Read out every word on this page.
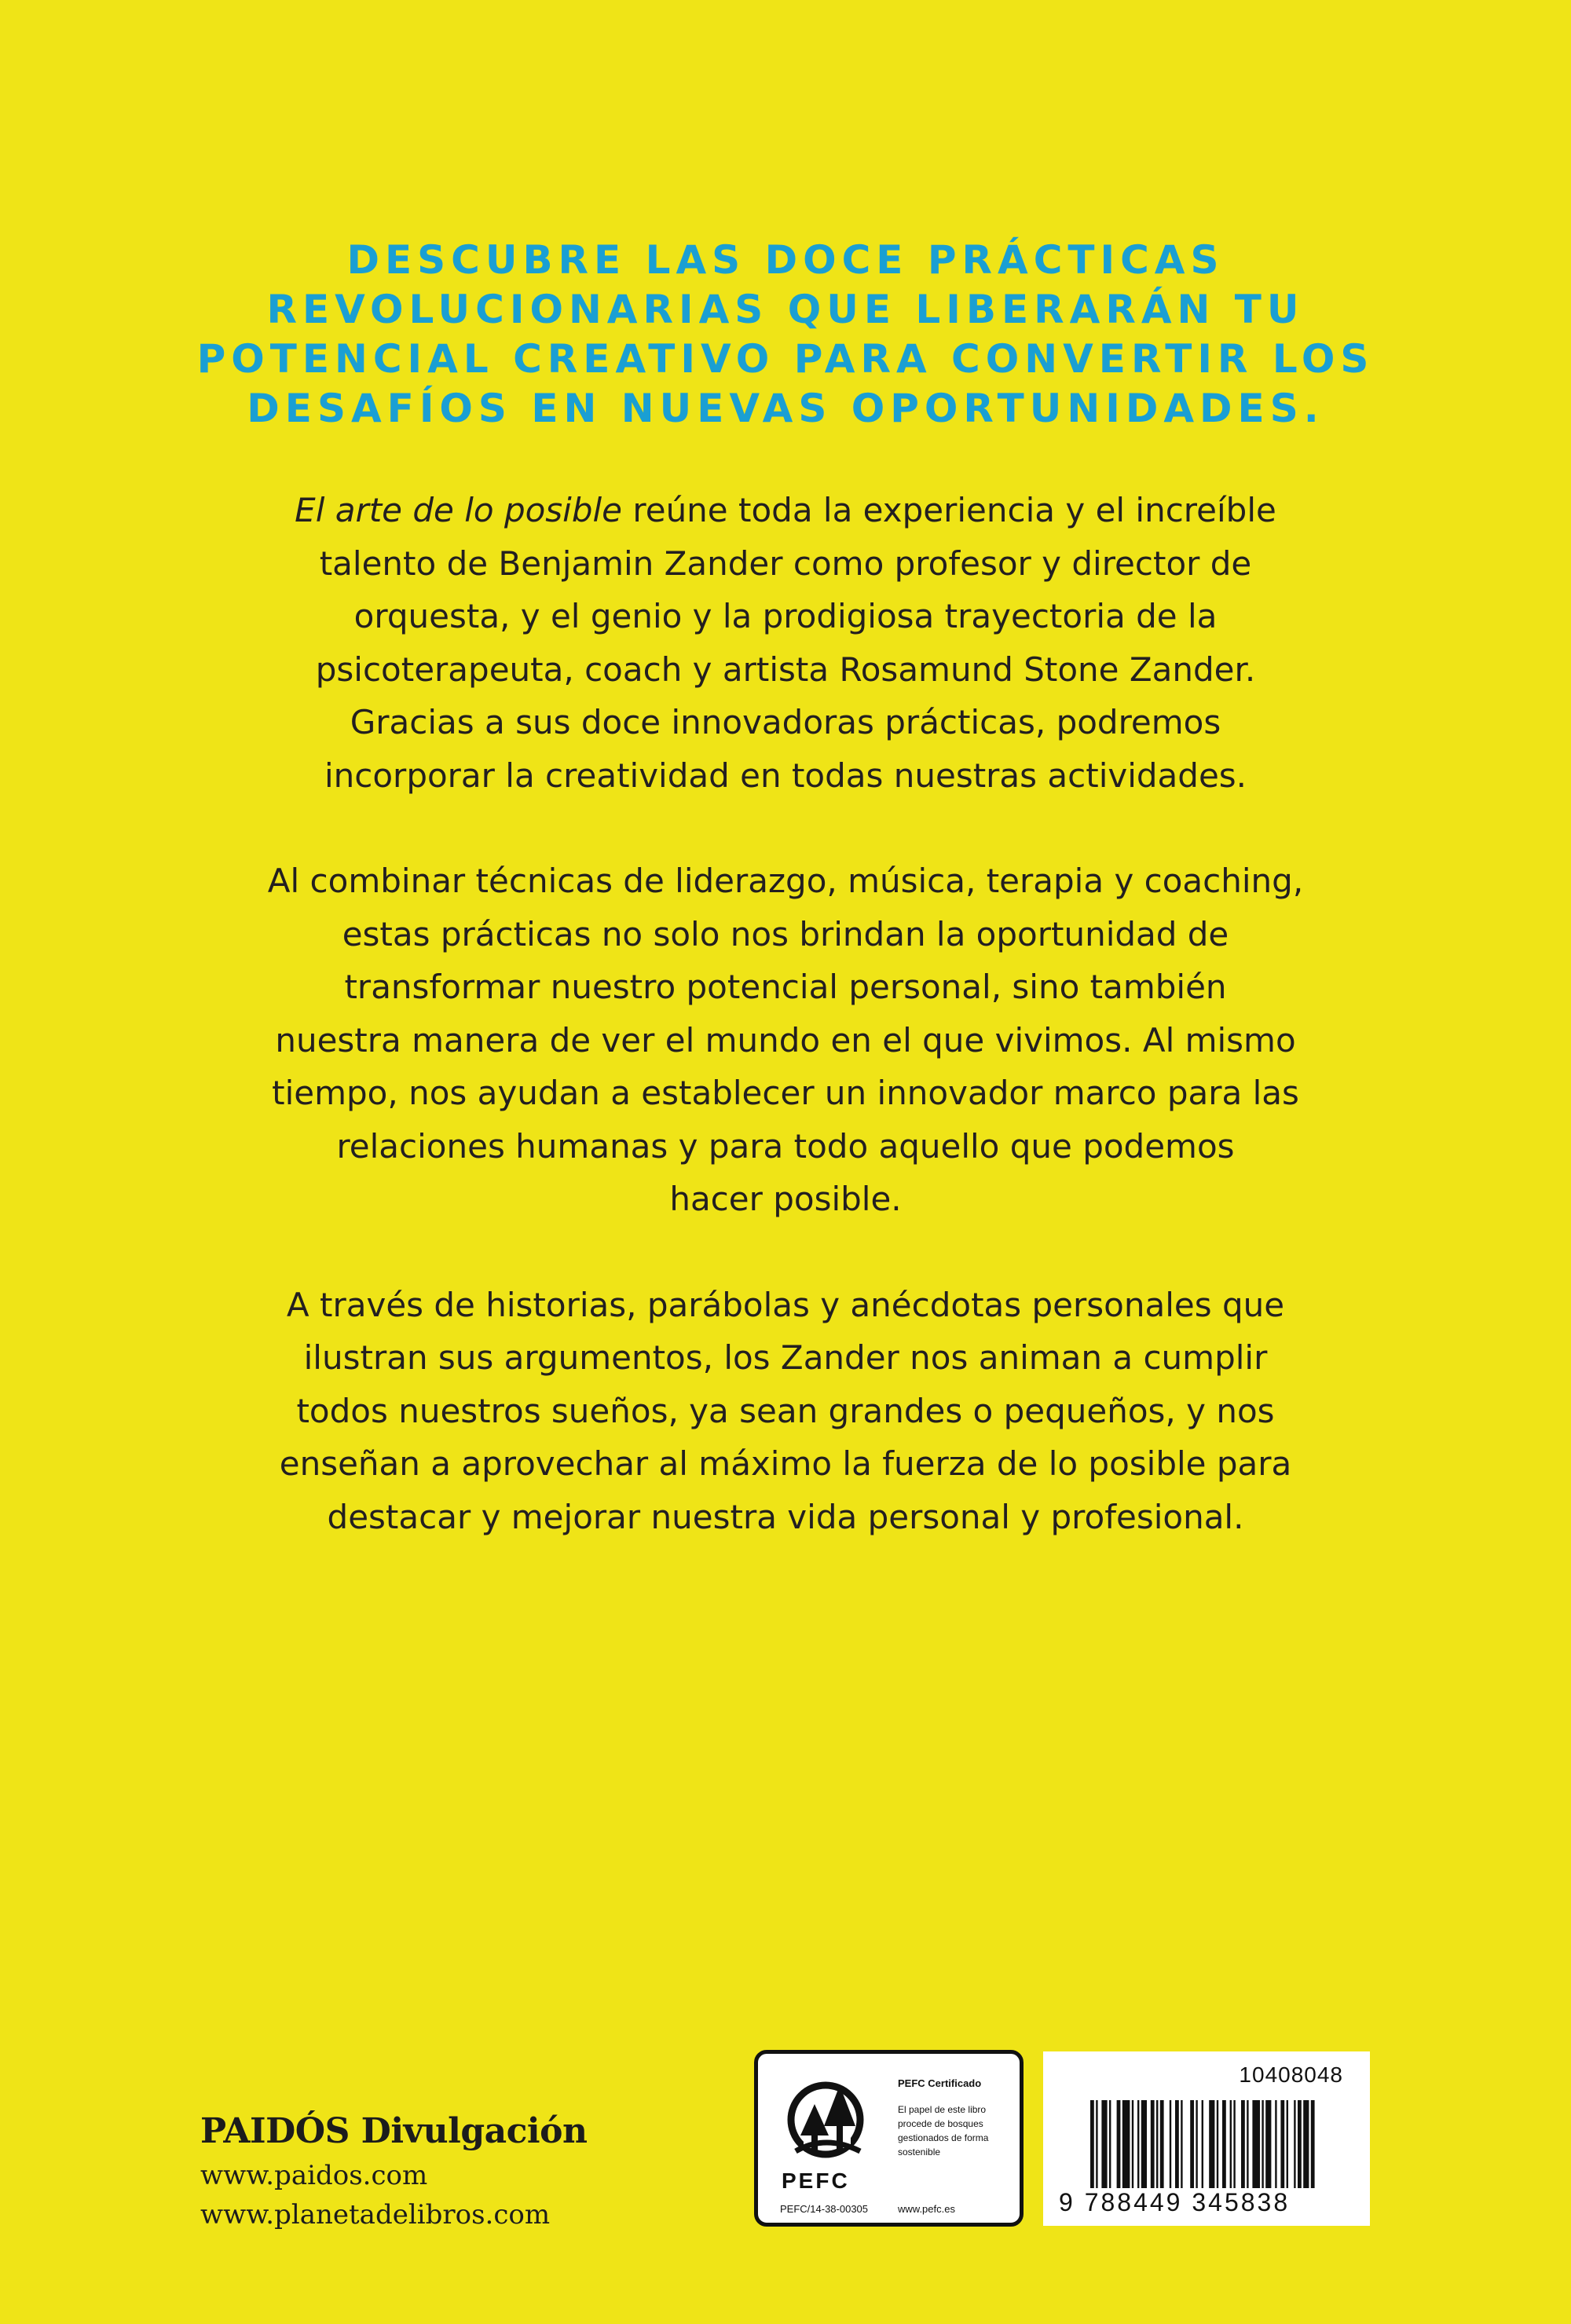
DESCUBRE LAS DOCE PRÁCTICAS
REVOLUCIONARIAS QUE LIBERARÁN TU
POTENCIAL CREATIVO PARA CONVERTIR LOS
DESAFÍOS EN NUEVAS OPORTUNIDADES.

El arte de lo posible reúne toda la experiencia y el increíble
talento de Benjamin Zander como profesor y director de
orquesta, y el genio y la prodigiosa trayectoria de la
psicoterapeuta, coach y artista Rosamund Stone Zander.
Gracias a sus doce innovadoras prácticas, podremos
incorporar la creatividad en todas nuestras actividades.

Al combinar técnicas de liderazgo, música, terapia y coaching,
estas prácticas no solo nos brindan la oportunidad de
transformar nuestro potencial personal, sino también
nuestra manera de ver el mundo en el que vivimos. Al mismo
tiempo, nos ayudan a establecer un innovador marco para las
relaciones humanas y para todo aquello que podemos
hacer posible.

A través de historias, parábolas y anécdotas personales que
ilustran sus argumentos, los Zander nos animan a cumplir
todos nuestros sueños, ya sean grandes o pequeños, y nos
enseñan a aprovechar al máximo la fuerza de lo posible para
destacar y mejorar nuestra vida personal y profesional.

PAIDÓS Divulgación
www.paidos.com
www.planetadelibros.com
PEFC
PEFC/14-38-00305
PEFC Certificado
El papel de este libro procede de bosques gestionados de forma sostenible
www.pefc.es
10408048
9 788449 345838
